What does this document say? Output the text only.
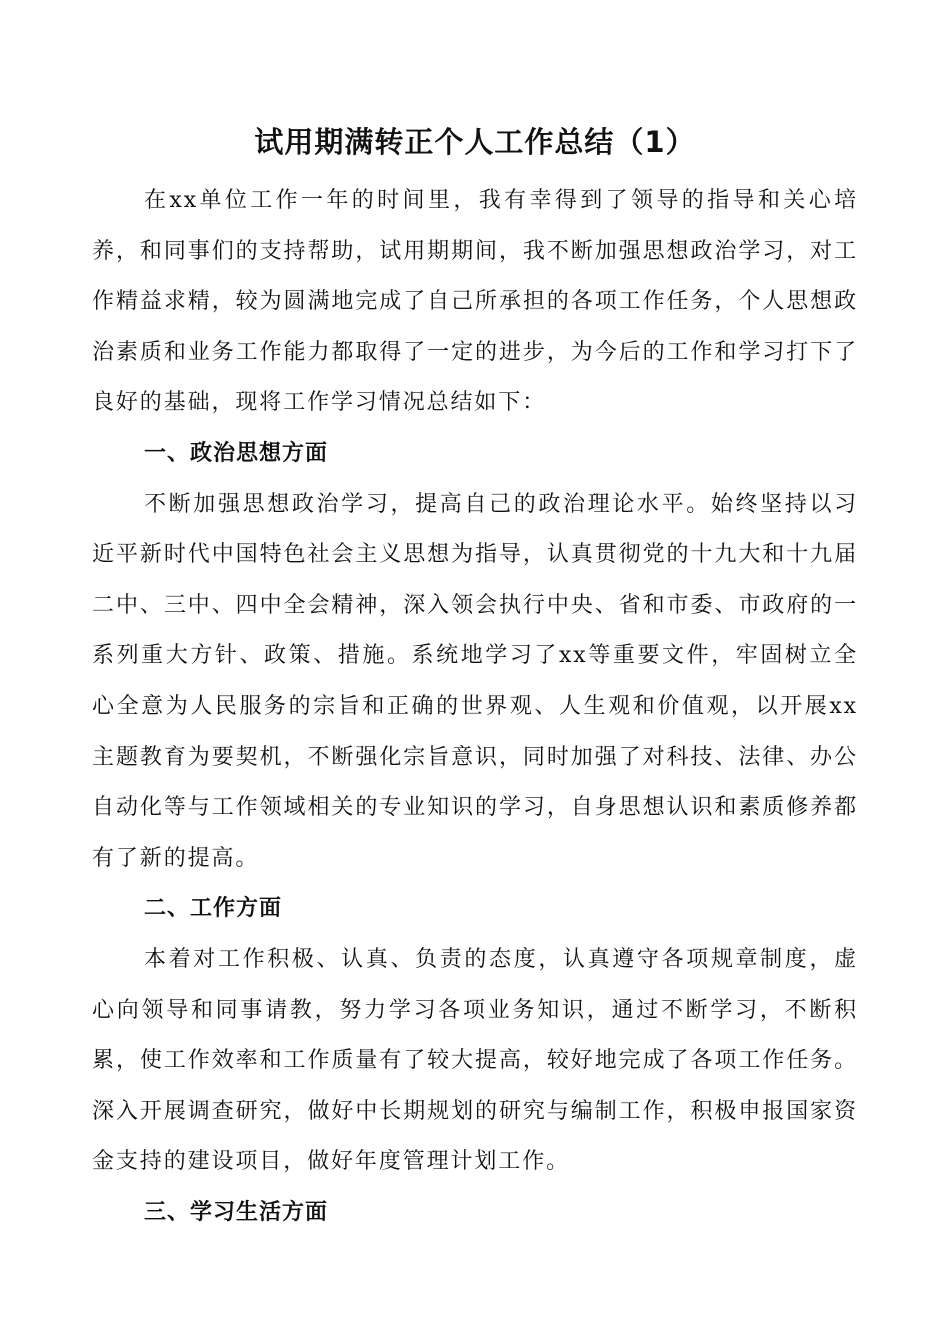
试用期满转正个人工作总结（1）

在xx单位工作一年的时间里，我有幸得到了领导的指导和关心培养，和同事们的支持帮助，试用期期间，我不断加强思想政治学习，对工作精益求精，较为圆满地完成了自己所承担的各项工作任务，个人思想政治素质和业务工作能力都取得了一定的进步，为今后的工作和学习打下了良好的基础，现将工作学习情况总结如下：

一、政治思想方面

不断加强思想政治学习，提高自己的政治理论水平。始终坚持以习近平新时代中国特色社会主义思想为指导，认真贯彻党的十九大和十九届二中、三中、四中全会精神，深入领会执行中央、省和市委、市政府的一系列重大方针、政策、措施。系统地学习了xx等重要文件，牢固树立全心全意为人民服务的宗旨和正确的世界观、人生观和价值观，以开展xx主题教育为要契机，不断强化宗旨意识，同时加强了对科技、法律、办公自动化等与工作领域相关的专业知识的学习，自身思想认识和素质修养都有了新的提高。

二、工作方面

本着对工作积极、认真、负责的态度，认真遵守各项规章制度，虚心向领导和同事请教，努力学习各项业务知识，通过不断学习，不断积累，使工作效率和工作质量有了较大提高，较好地完成了各项工作任务。深入开展调查研究，做好中长期规划的研究与编制工作，积极申报国家资金支持的建设项目，做好年度管理计划工作。

三、学习生活方面
